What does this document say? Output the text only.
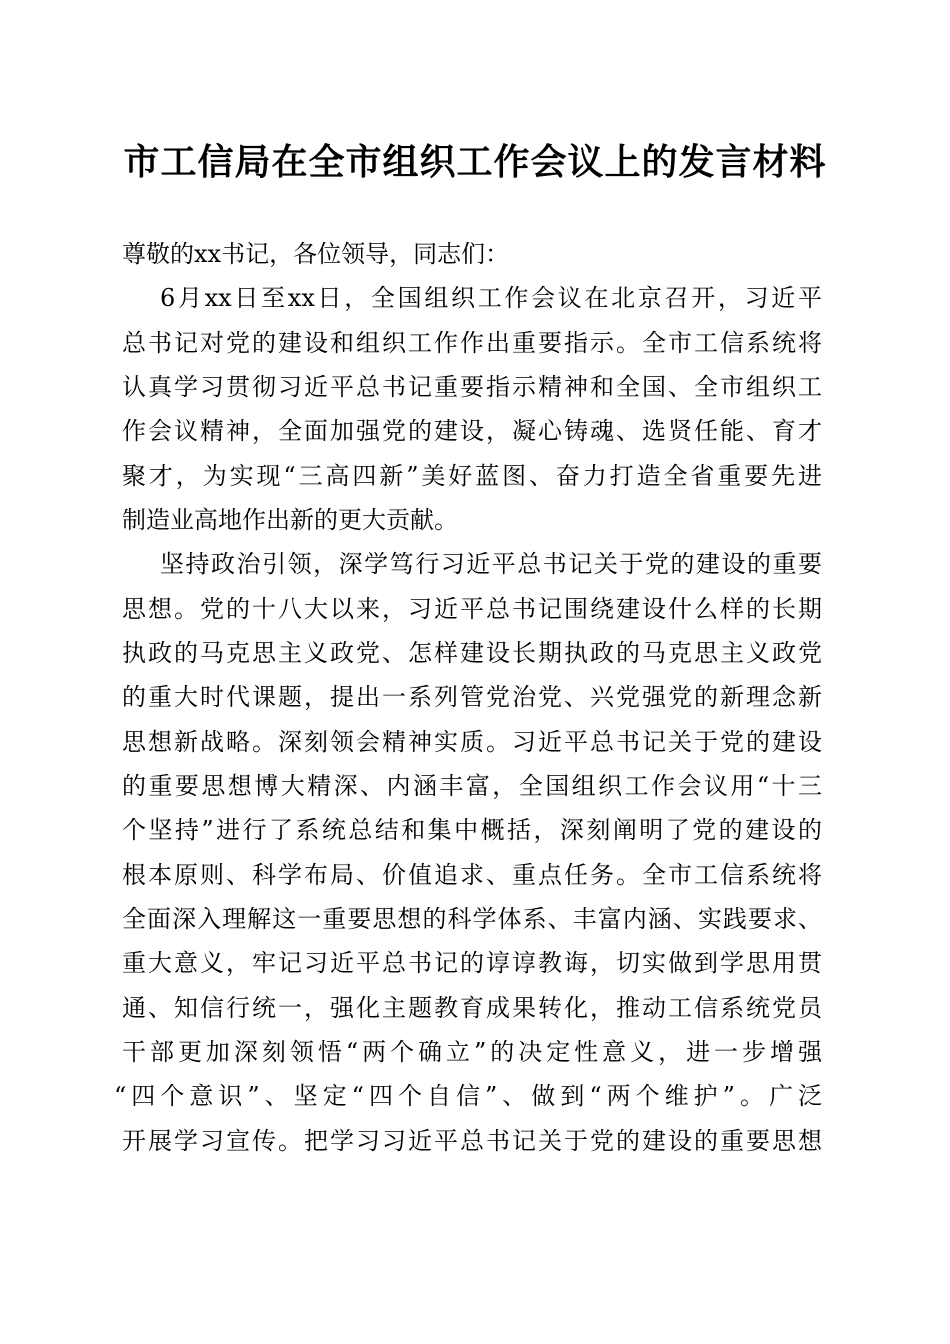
市工信局在全市组织工作会议上的发言材料
尊敬的xx书记，各位领导，同志们：
6月xx日至xx日，全国组织工作会议在北京召开，习近平
总书记对党的建设和组织工作作出重要指示。全市工信系统将
认真学习贯彻习近平总书记重要指示精神和全国、全市组织工
作会议精神，全面加强党的建设，凝心铸魂、选贤任能、育才
聚才，为实现“三高四新”美好蓝图、奋力打造全省重要先进
制造业高地作出新的更大贡献。
坚持政治引领，深学笃行习近平总书记关于党的建设的重要
思想。党的十八大以来，习近平总书记围绕建设什么样的长期
执政的马克思主义政党、怎样建设长期执政的马克思主义政党
的重大时代课题，提出一系列管党治党、兴党强党的新理念新
思想新战略。深刻领会精神实质。习近平总书记关于党的建设
的重要思想博大精深、内涵丰富，全国组织工作会议用“十三
个坚持”进行了系统总结和集中概括，深刻阐明了党的建设的
根本原则、科学布局、价值追求、重点任务。全市工信系统将
全面深入理解这一重要思想的科学体系、丰富内涵、实践要求、
重大意义，牢记习近平总书记的谆谆教诲，切实做到学思用贯
通、知信行统一，强化主题教育成果转化，推动工信系统党员
干部更加深刻领悟“两个确立”的决定性意义，进一步增强
“四个意识”、坚定“四个自信”、做到“两个维护”。广泛
开展学习宣传。把学习习近平总书记关于党的建设的重要思想
